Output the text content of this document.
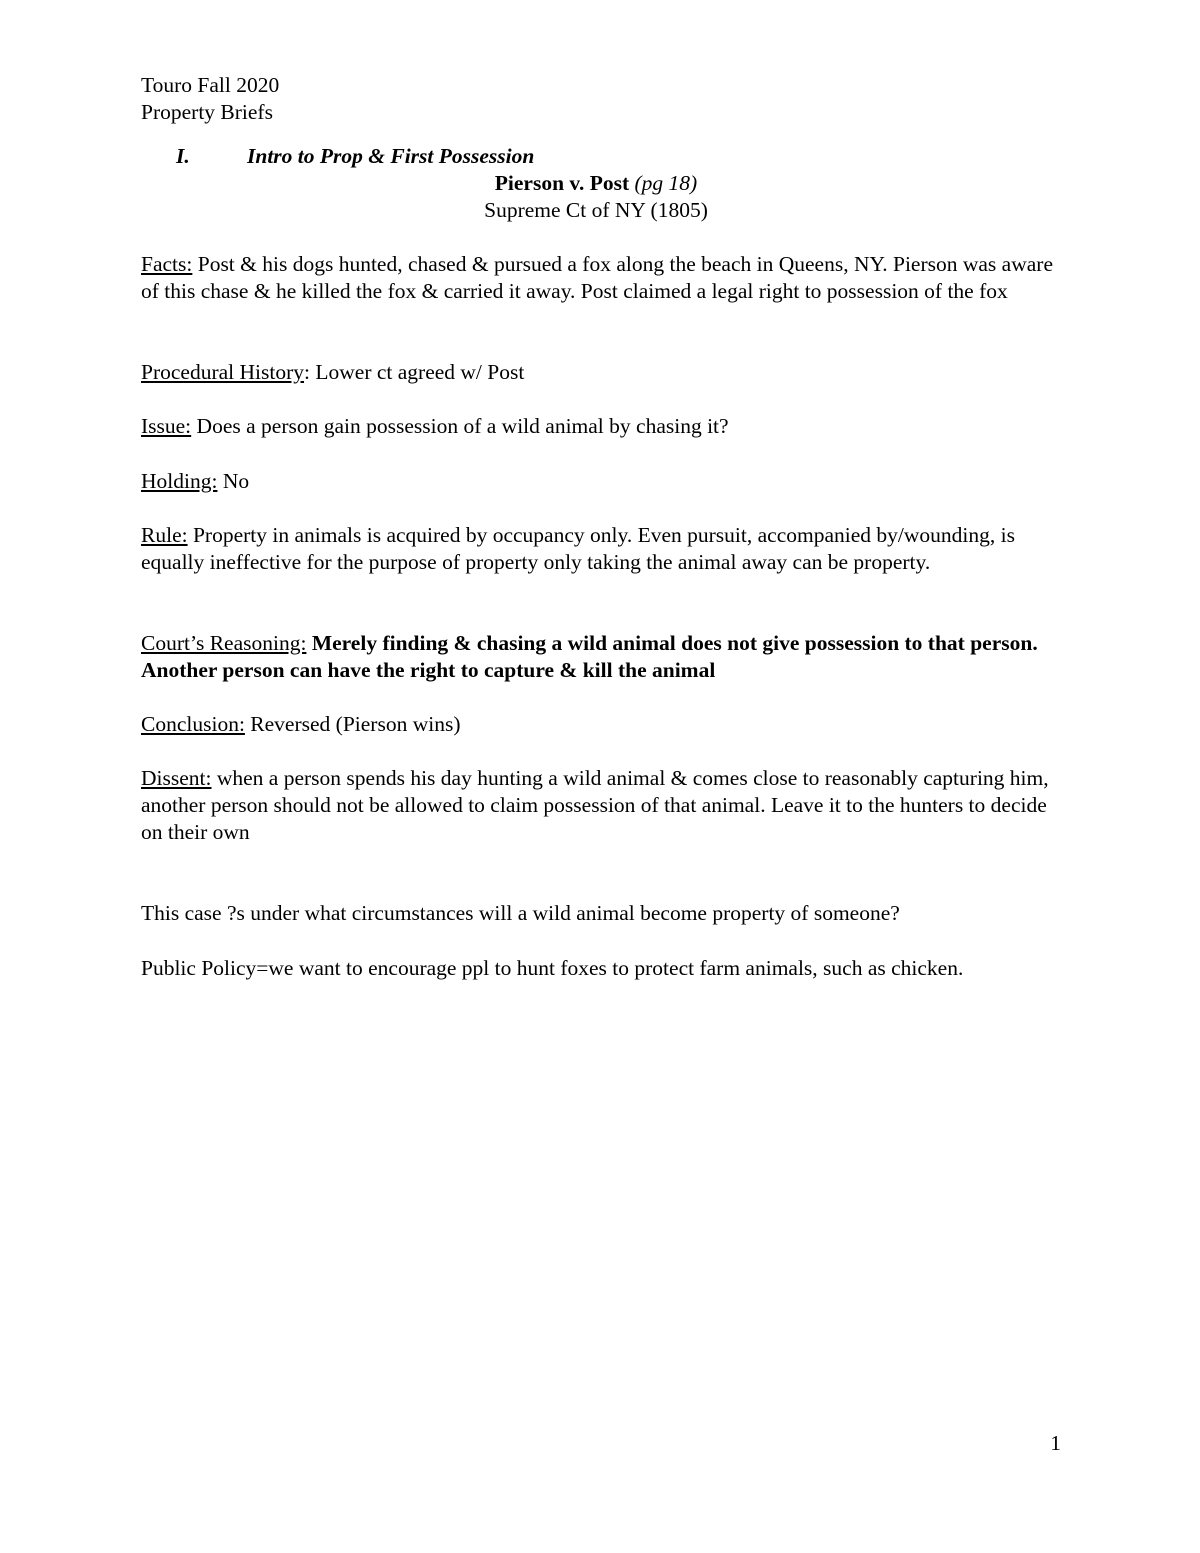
Touro Fall 2020
Property Briefs
I.	Intro to Prop & First Possession
Pierson v. Post (pg 18)
Supreme Ct of NY (1805)
Facts: Post & his dogs hunted, chased & pursued a fox along the beach in Queens, NY. Pierson was aware of this chase & he killed the fox & carried it away. Post claimed a legal right to possession of the fox
Procedural History: Lower ct agreed w/ Post
Issue: Does a person gain possession of a wild animal by chasing it?
Holding: No
Rule: Property in animals is acquired by occupancy only. Even pursuit, accompanied by/wounding, is equally ineffective for the purpose of property only taking the animal away can be property.
Court’s Reasoning: Merely finding & chasing a wild animal does not give possession to that person. Another person can have the right to capture & kill the animal
Conclusion: Reversed (Pierson wins)
Dissent: when a person spends his day hunting a wild animal & comes close to reasonably capturing him, another person should not be allowed to claim possession of that animal. Leave it to the hunters to decide on their own
This case ?s under what circumstances will a wild animal become property of someone?
Public Policy=we want to encourage ppl to hunt foxes to protect farm animals, such as chicken.
1
